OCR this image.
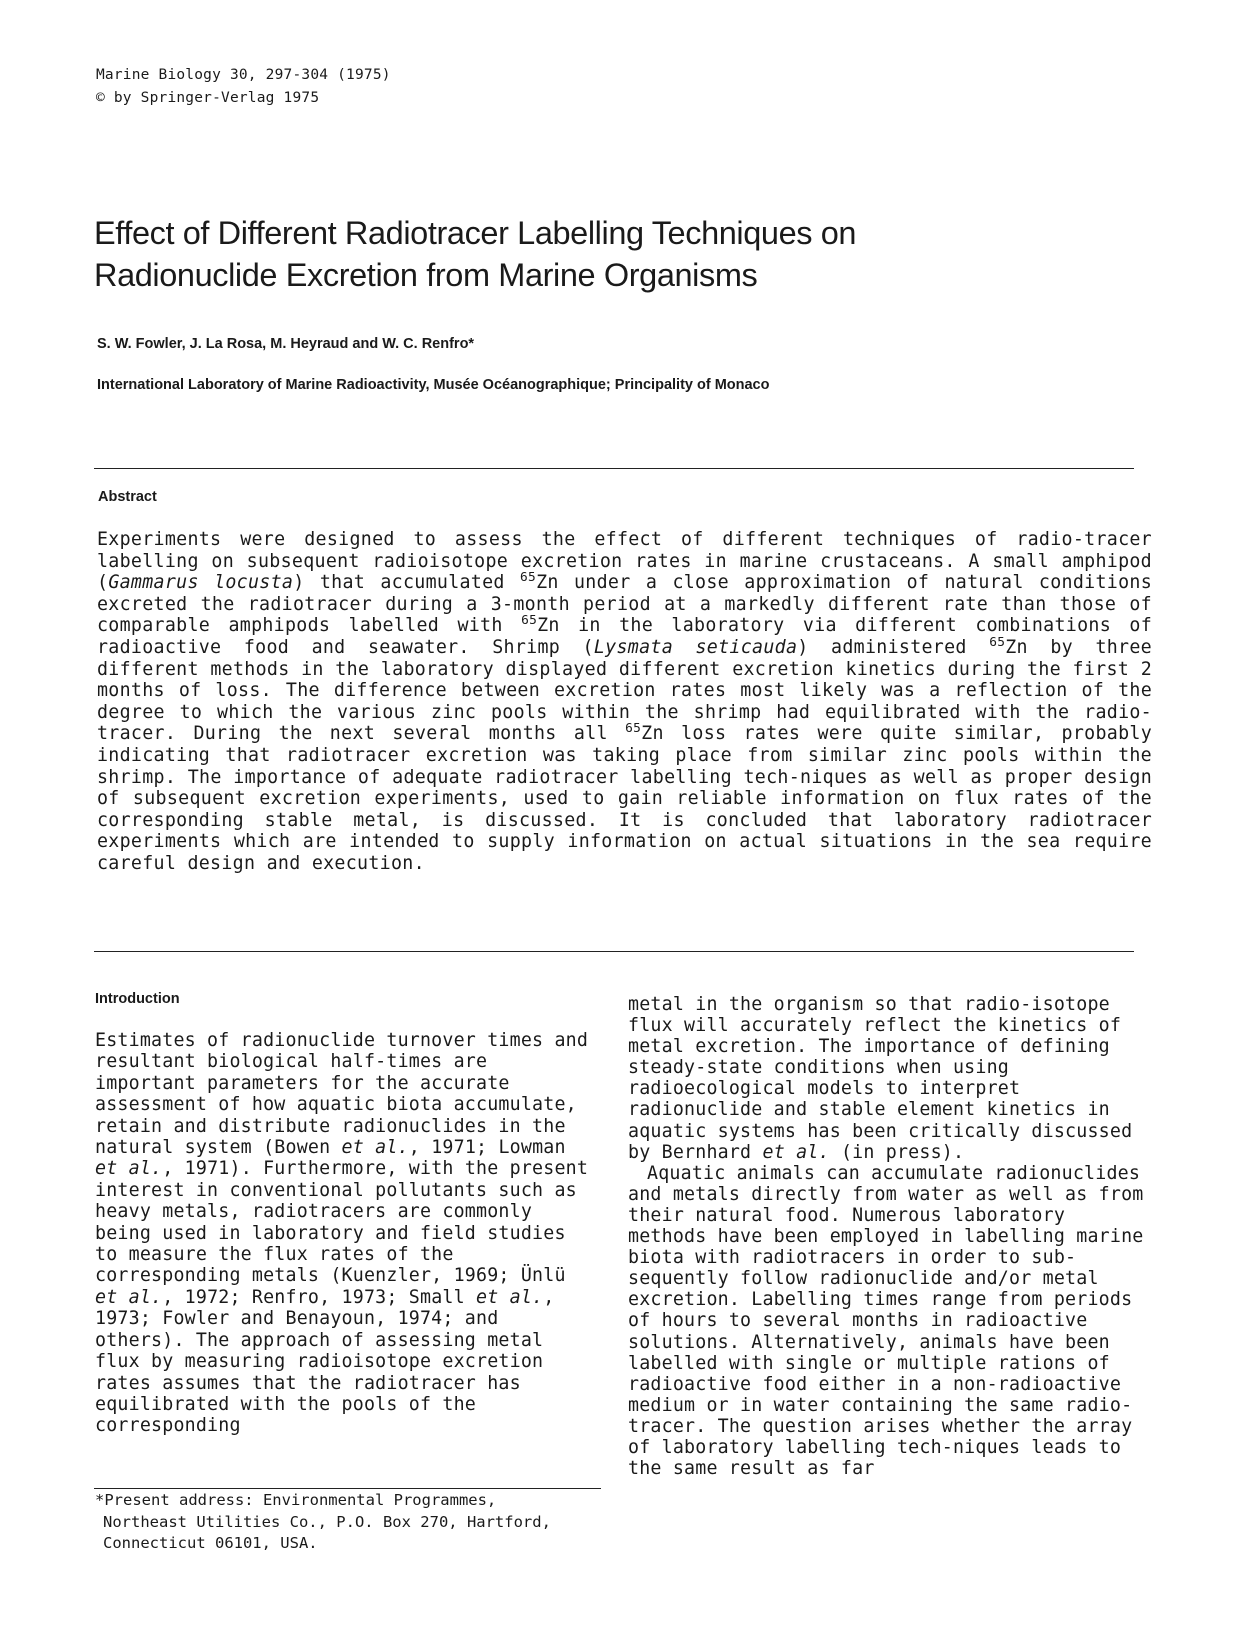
Marine Biology 30, 297-304 (1975)
© by Springer-Verlag 1975
Effect of Different Radiotracer Labelling Techniques on
Radionuclide Excretion from Marine Organisms
S. W. Fowler, J. La Rosa, M. Heyraud and W. C. Renfro*
International Laboratory of Marine Radioactivity, Musée Océanographique; Principality of Monaco
Abstract

Experiments were designed to assess the effect of different techniques of radio-tracer labelling on subsequent radioisotope excretion rates in marine crustaceans. A small amphipod (Gammarus locusta) that accumulated $^{65}$Zn under a close approximation of natural conditions excreted the radiotracer during a 3-month period at a markedly different rate than those of comparable amphipods labelled with $^{65}$Zn in the laboratory via different combinations of radioactive food and seawater. Shrimp (Lysmata seticauda) administered $^{65}$Zn by three different methods in the laboratory displayed different excretion kinetics during the first 2 months of loss. The difference between excretion rates most likely was a reflection of the degree to which the various zinc pools within the shrimp had equilibrated with the radio-tracer. During the next several months all $^{65}$Zn loss rates were quite similar, probably indicating that radiotracer excretion was taking place from similar zinc pools within the shrimp. The importance of adequate radiotracer labelling tech-niques as well as proper design of subsequent excretion experiments, used to gain reliable information on flux rates of the corresponding stable metal, is discussed. It is concluded that laboratory radiotracer experiments which are intended to supply information on actual situations in the sea require careful design and execution.

Introduction

Estimates of radionuclide turnover times and resultant biological half-times are important parameters for the accurate assessment of how aquatic biota accumulate, retain and distribute radionuclides in the natural system (Bowen et al., 1971; Lowman et al., 1971). Furthermore, with the present interest in conventional pollutants such as heavy metals, radiotracers are commonly being used in laboratory and field studies to measure the flux rates of the corresponding metals (Kuenzler, 1969; Ünlü et al., 1972; Renfro, 1973; Small et al., 1973; Fowler and Benayoun, 1974; and others). The approach of assessing metal flux by measuring radioisotope excretion rates assumes that the radiotracer has equilibrated with the pools of the corresponding

*Present address: Environmental Programmes,
Northeast Utilities Co., P.O. Box 270, Hartford,
Connecticut 06101, USA.

metal in the organism so that radio-isotope flux will accurately reflect the kinetics of metal excretion. The importance of defining steady-state conditions when using radioecological models to interpret radionuclide and stable element kinetics in aquatic systems has been critically discussed by Bernhard et al. (in press).
Aquatic animals can accumulate radionuclides and metals directly from water as well as from their natural food. Numerous laboratory methods have been employed in labelling marine biota with radiotracers in order to sub-sequently follow radionuclide and/or metal excretion. Labelling times range from periods of hours to several months in radioactive solutions. Alternatively, animals have been labelled with single or multiple rations of radioactive food either in a non-radioactive medium or in water containing the same radio-tracer. The question arises whether the array of laboratory labelling tech-niques leads to the same result as far
